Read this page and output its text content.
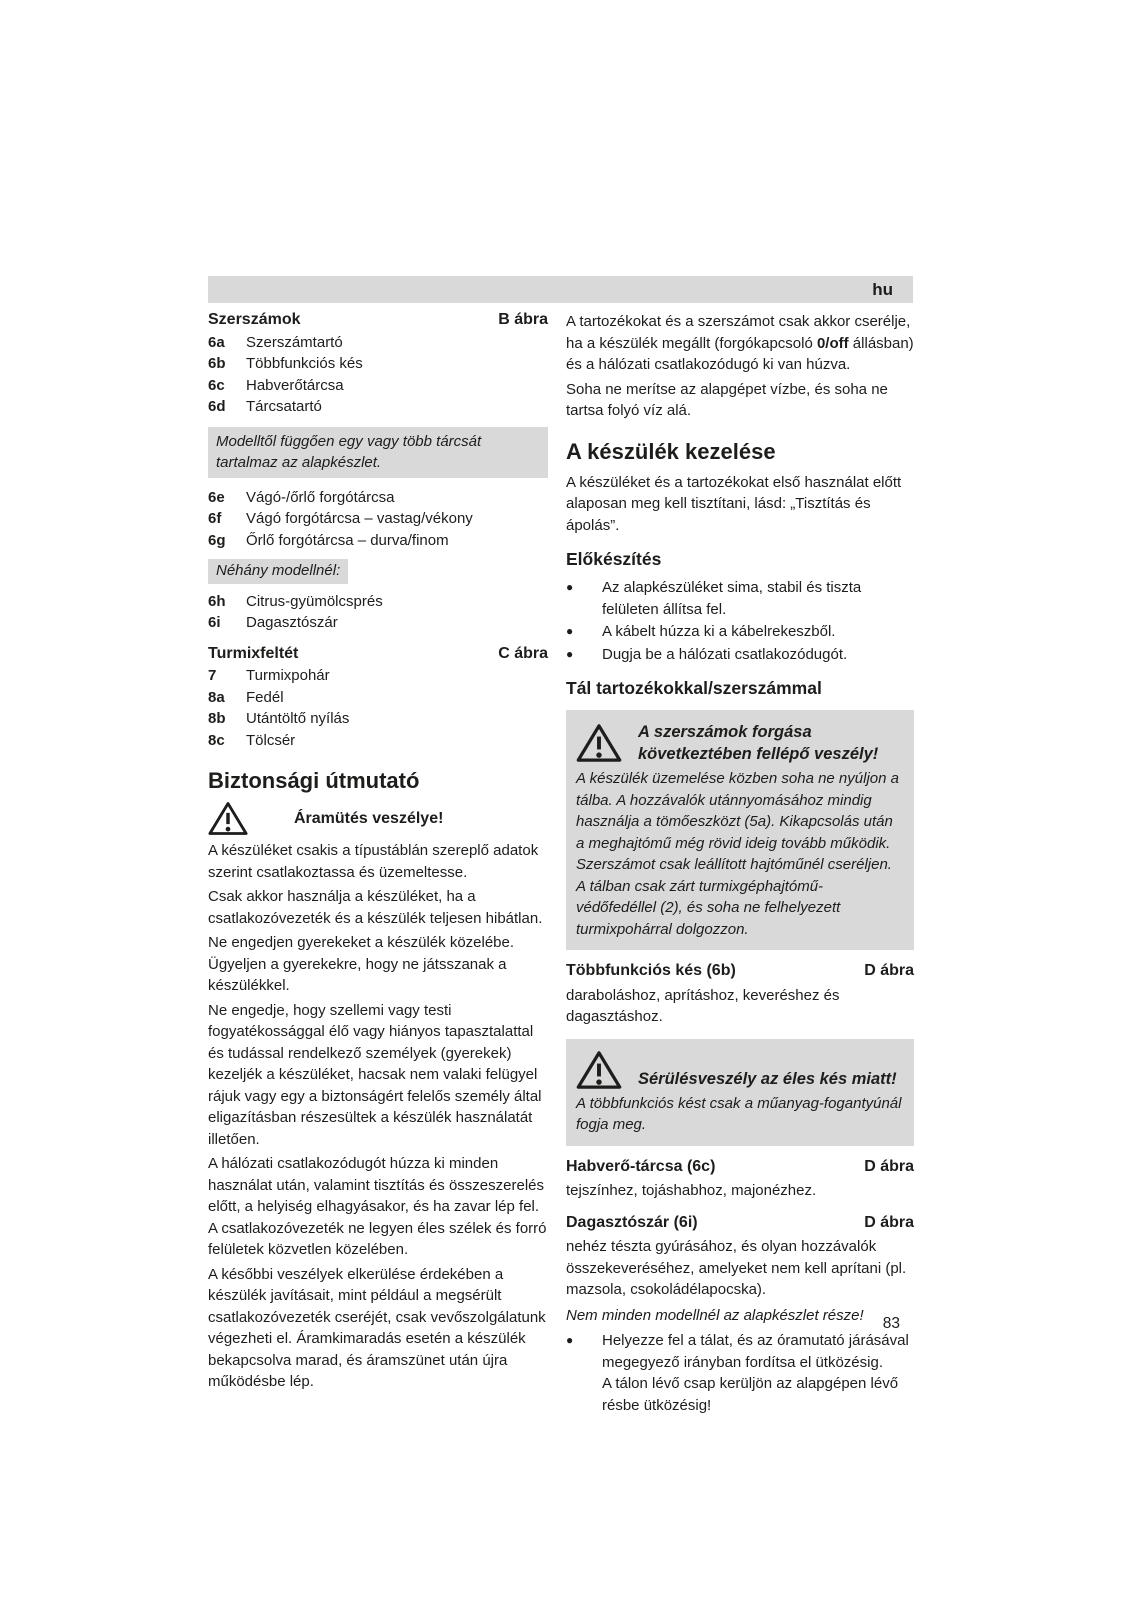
hu
Szerszámok	B ábra
6a	Szerszámtartó
6b	Többfunkciós kés
6c	Habverőtárcsa
6d	Tárcsatartó
Modelltől függően egy vagy több tárcsát tartalmaz az alapkészlet.
6e	Vágó-/őrlő forgótárcsa
6f	Vágó forgótárcsa – vastag/vékony
6g	Őrlő forgótárcsa – durva/finom
Néhány modellnél:
6h	Citrus-gyümölcsprés
6i	Dagasztószár
Turmixfeltét	C ábra
7	Turmixpohár
8a	Fedél
8b	Utántöltő nyílás
8c	Tölcsér
Biztonsági útmutató
Áramütés veszélye!

A készüléket csakis a típustáblán szereplő adatok szerint csatlakoztassa és üzemeltesse.

Csak akkor használja a készüléket, ha a csatlakozóvezeték és a készülék teljesen hibátlan.

Ne engedjen gyerekeket a készülék közelébe. Ügyeljen a gyerekekre, hogy ne játsszanak a készülékkel.

Ne engedje, hogy szellemi vagy testi fogyatékossággal élő vagy hiányos tapasztalattal és tudással rendelkező személyek (gyerekek) kezeljék a készüléket, hacsak nem valaki felügyel rájuk vagy egy a biztonságért felelős személy által eligazításban részesültek a készülék használatát illetően.

A hálózati csatlakozódugót húzza ki minden használat után, valamint tisztítás és összeszerelés előtt, a helyiség elhagyásakor, és ha zavar lép fel. A csatlakozóvezeték ne legyen éles szélek és forró felületek közvetlen közelében.

A későbbi veszélyek elkerülése érdekében a készülék javításait, mint például a megsérült csatlakozóvezeték cseréjét, csak vevőszolgálatunk végezheti el. Áramkimaradás esetén a készülék bekapcsolva marad, és áramszünet után újra működésbe lép.

A tartozékokat és a szerszámot csak akkor cserélje, ha a készülék megállt (forgókapcsoló 0/off állásban) és a hálózati csatlakozódugó ki van húzva.

Soha ne merítse az alapgépet vízbe, és soha ne tartsa folyó víz alá.

A készülék kezelése

A készüléket és a tartozékokat első használat előtt alaposan meg kell tisztítani, lásd: „Tisztítás és ápolás”.

Előkészítés
●	Az alapkészüléket sima, stabil és tiszta felületen állítsa fel.
●	A kábelt húzza ki a kábelrekeszből.
●	Dugja be a hálózati csatlakozódugót.
Tál tartozékokkal/szerszámmal
A szerszámok forgása
következtében fellépő veszély!
A készülék üzemelése közben soha ne nyúljon a tálba. A hozzávalók utánnyomásához mindig használja a tömőeszközt (5a). Kikapcsolás után a meghajtómű még rövid ideig tovább működik. Szerszámot csak leállított hajtóműnél cseréljen. A tálban csak zárt turmixgéphajtómű-védőfedéllel (2), és soha ne felhelyezett turmixpohárral dolgozzon.
Többfunkciós kés (6b)	D ábra

daraboláshoz, aprításhoz, keveréshez és dagasztáshoz.

Sérülésveszély az éles kés miatt!
A többfunkciós kést csak a műanyag-fogantyúnál fogja meg.
Habverő-tárcsa (6c)	D ábra

tejszínhez, tojáshabhoz, majonézhez.

Dagasztószár (6i)	D ábra

nehéz tészta gyúrásához, és olyan hozzávalók összekeveréséhez, amelyeket nem kell aprítani (pl. mazsola, csokoládélapocska).

Nem minden modellnél az alapkészlet része!
●	Helyezze fel a tálat, és az óramutató járásával megegyező irányban fordítsa el ütközésig.
A tálon lévő csap kerüljön az alapgépen lévő résbe ütközésig!
83
